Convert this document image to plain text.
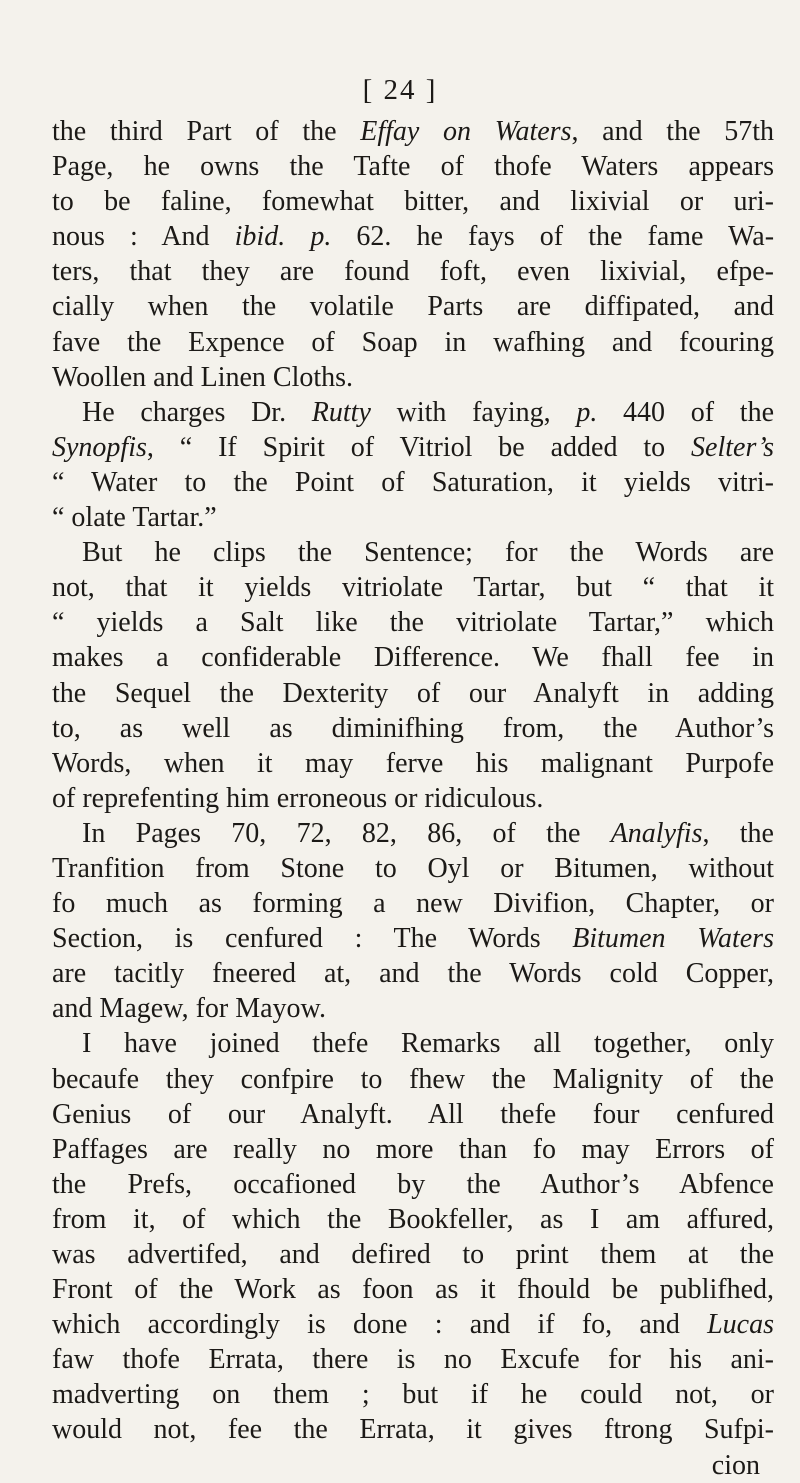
[ 24 ]
the third Part of the Effay on Waters, and the 57th
Page, he owns the Tafte of thofe Waters appears
to be faline, fomewhat bitter, and lixivial or uri-
nous : And ibid. p. 62. he fays of the fame Wa-
ters, that they are found foft, even lixivial, efpe-
cially when the volatile Parts are diffipated, and
fave the Expence of Soap in wafhing and fcouring
Woollen and Linen Cloths.
He charges Dr. Rutty with faying, p. 440 of the
Synopfis, “ If Spirit of Vitriol be added to Selter’s
“ Water to the Point of Saturation, it yields vitri-
“ olate Tartar.”
But he clips the Sentence; for the Words are
not, that it yields vitriolate Tartar, but “ that it
“ yields a Salt like the vitriolate Tartar,” which
makes a confiderable Difference. We fhall fee in
the Sequel the Dexterity of our Analyft in adding
to, as well as diminifhing from, the Author’s
Words, when it may ferve his malignant Purpofe
of reprefenting him erroneous or ridiculous.
In Pages 70, 72, 82, 86, of the Analyfis, the
Tranfition from Stone to Oyl or Bitumen, without
fo much as forming a new Divifion, Chapter, or
Section, is cenfured : The Words Bitumen Waters
are tacitly fneered at, and the Words cold Copper,
and Magew, for Mayow.
I have joined thefe Remarks all together, only
becaufe they confpire to fhew the Malignity of the
Genius of our Analyft. All thefe four cenfured
Paffages are really no more than fo may Errors of
the Prefs, occafioned by the Author’s Abfence
from it, of which the Bookfeller, as I am affured,
was advertifed, and defired to print them at the
Front of the Work as foon as it fhould be publifhed,
which accordingly is done : and if fo, and Lucas
faw thofe Errata, there is no Excufe for his ani-
madverting on them ; but if he could not, or
would not, fee the Errata, it gives ftrong Sufpi-
cion
